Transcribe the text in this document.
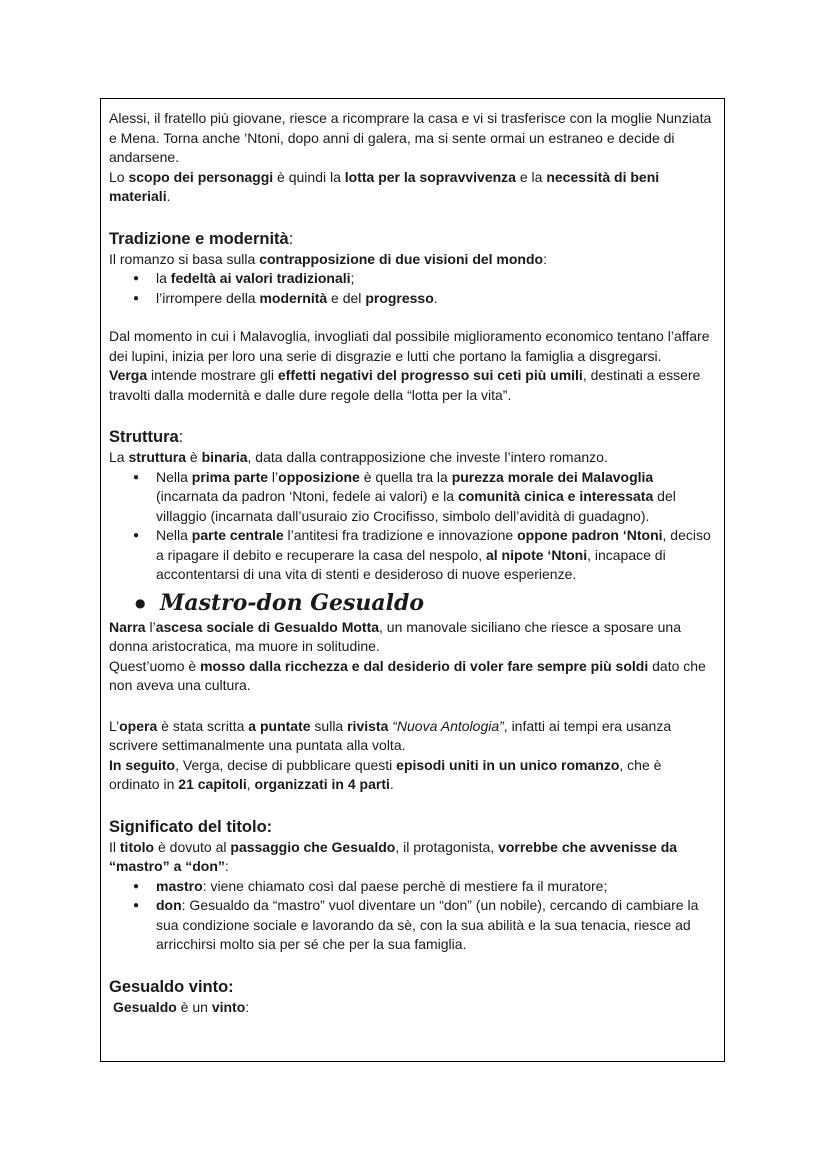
Alessi, il fratello più giovane, riesce a ricomprare la casa e vi si trasferisce con la moglie Nunziata e Mena. Torna anche ’Ntoni, dopo anni di galera, ma si sente ormai un estraneo e decide di andarsene.

Lo scopo dei personaggi è quindi la lotta per la sopravvivenza e la necessità di beni materiali.

Tradizione e modernità:

Il romanzo si basa sulla contrapposizione di due visioni del mondo:

● la fedeltà ai valori tradizionali;
● l’irrompere della modernità e del progresso.

Dal momento in cui i Malavoglia, invogliati dal possibile miglioramento economico tentano l’affare dei lupini, inizia per loro una serie di disgrazie e lutti che portano la famiglia a disgregarsi.

Verga intende mostrare gli effetti negativi del progresso sui ceti più umili, destinati a essere travolti dalla modernità e dalle dure regole della “lotta per la vita”.

Struttura:

La struttura è binaria, data dalla contrapposizione che investe l’intero romanzo.

● Nella prima parte l’opposizione è quella tra la purezza morale dei Malavoglia (incarnata da padron ‘Ntoni, fedele ai valori) e la comunità cinica e interessata del villaggio (incarnata dall’usuraio zio Crocifisso, simbolo dell’avidità di guadagno).
● Nella parte centrale l’antitesi fra tradizione e innovazione oppone padron ‘Ntoni, deciso a ripagare il debito e recuperare la casa del nespolo, al nipote ‘Ntoni, incapace di accontentarsi di una vita di stenti e desideroso di nuove esperienze.
● Mastro-don Gesualdo

Narra l’ascesa sociale di Gesualdo Motta, un manovale siciliano che riesce a sposare una donna aristocratica, ma muore in solitudine.

Quest’uomo è mosso dalla ricchezza e dal desiderio di voler fare sempre più soldi dato che non aveva una cultura.

L’opera è stata scritta a puntate sulla rivista “Nuova Antologia”, infatti ai tempi era usanza scrivere settimanalmente una puntata alla volta.

In seguito, Verga, decise di pubblicare questi episodi uniti in un unico romanzo, che è ordinato in 21 capitoli, organizzati in 4 parti.

Significato del titolo:

Il titolo è dovuto al passaggio che Gesualdo, il protagonista, vorrebbe che avvenisse da “mastro” a “don”:

● mastro: viene chiamato così dal paese perchè di mestiere fa il muratore;
● don: Gesualdo da “mastro” vuol diventare un “don” (un nobile), cercando di cambiare la sua condizione sociale e lavorando da sè, con la sua abilità e la sua tenacia, riesce ad arricchirsi molto sia per sé che per la sua famiglia.
Gesualdo vinto:

Gesualdo è un vinto:
